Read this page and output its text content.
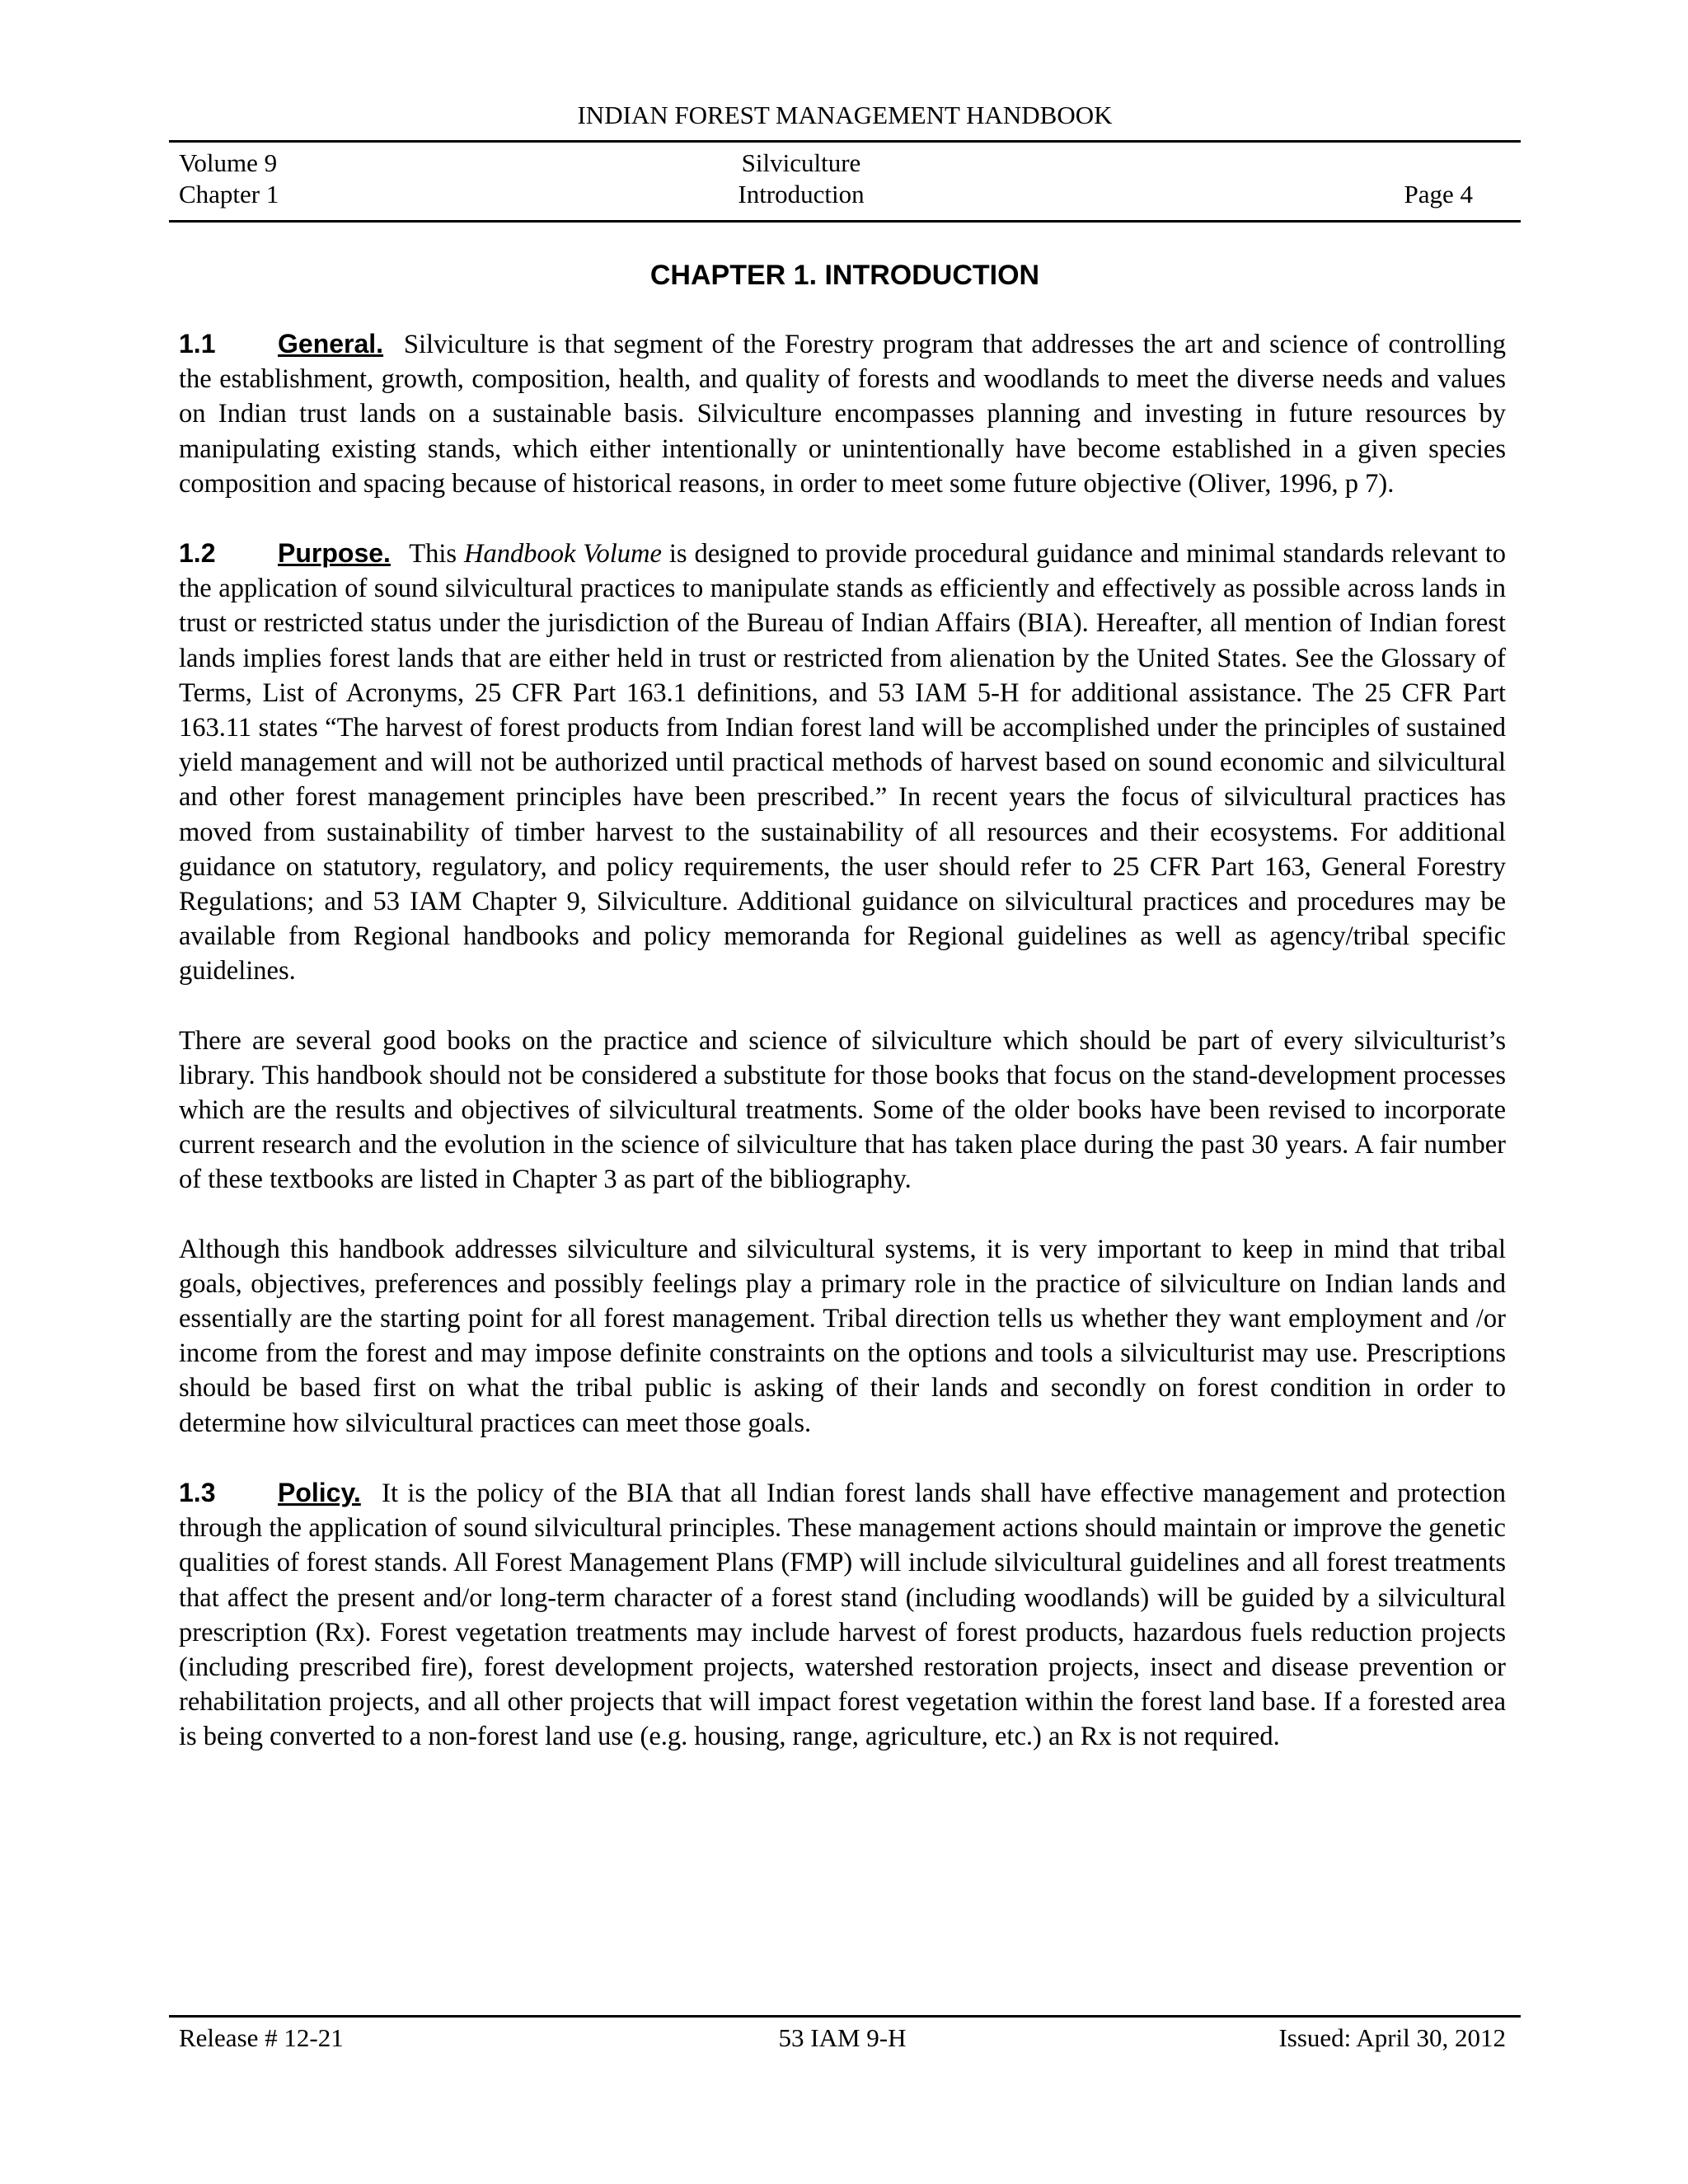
INDIAN FOREST MANAGEMENT HANDBOOK
Volume 9	Silviculture
Chapter 1	Introduction	Page 4
CHAPTER 1. INTRODUCTION

1.1 General. Silviculture is that segment of the Forestry program that addresses the art and science of controlling the establishment, growth, composition, health, and quality of forests and woodlands to meet the diverse needs and values on Indian trust lands on a sustainable basis. Silviculture encompasses planning and investing in future resources by manipulating existing stands, which either intentionally or unintentionally have become established in a given species composition and spacing because of historical reasons, in order to meet some future objective (Oliver, 1996, p 7).

1.2 Purpose. This Handbook Volume is designed to provide procedural guidance and minimal standards relevant to the application of sound silvicultural practices to manipulate stands as efficiently and effectively as possible across lands in trust or restricted status under the jurisdiction of the Bureau of Indian Affairs (BIA). Hereafter, all mention of Indian forest lands implies forest lands that are either held in trust or restricted from alienation by the United States. See the Glossary of Terms, List of Acronyms, 25 CFR Part 163.1 definitions, and 53 IAM 5-H for additional assistance. The 25 CFR Part 163.11 states “The harvest of forest products from Indian forest land will be accomplished under the principles of sustained yield management and will not be authorized until practical methods of harvest based on sound economic and silvicultural and other forest management principles have been prescribed.” In recent years the focus of silvicultural practices has moved from sustainability of timber harvest to the sustainability of all resources and their ecosystems. For additional guidance on statutory, regulatory, and policy requirements, the user should refer to 25 CFR Part 163, General Forestry Regulations; and 53 IAM Chapter 9, Silviculture. Additional guidance on silvicultural practices and procedures may be available from Regional handbooks and policy memoranda for Regional guidelines as well as agency/tribal specific guidelines.

There are several good books on the practice and science of silviculture which should be part of every silviculturist’s library. This handbook should not be considered a substitute for those books that focus on the stand-development processes which are the results and objectives of silvicultural treatments. Some of the older books have been revised to incorporate current research and the evolution in the science of silviculture that has taken place during the past 30 years. A fair number of these textbooks are listed in Chapter 3 as part of the bibliography.

Although this handbook addresses silviculture and silvicultural systems, it is very important to keep in mind that tribal goals, objectives, preferences and possibly feelings play a primary role in the practice of silviculture on Indian lands and essentially are the starting point for all forest management. Tribal direction tells us whether they want employment and /or income from the forest and may impose definite constraints on the options and tools a silviculturist may use. Prescriptions should be based first on what the tribal public is asking of their lands and secondly on forest condition in order to determine how silvicultural practices can meet those goals.

1.3 Policy. It is the policy of the BIA that all Indian forest lands shall have effective management and protection through the application of sound silvicultural principles. These management actions should maintain or improve the genetic qualities of forest stands. All Forest Management Plans (FMP) will include silvicultural guidelines and all forest treatments that affect the present and/or long-term character of a forest stand (including woodlands) will be guided by a silvicultural prescription (Rx). Forest vegetation treatments may include harvest of forest products, hazardous fuels reduction projects (including prescribed fire), forest development projects, watershed restoration projects, insect and disease prevention or rehabilitation projects, and all other projects that will impact forest vegetation within the forest land base. If a forested area is being converted to a non-forest land use (e.g. housing, range, agriculture, etc.) an Rx is not required.

Release # 12-21	53 IAM 9-H	Issued: April 30, 2012
